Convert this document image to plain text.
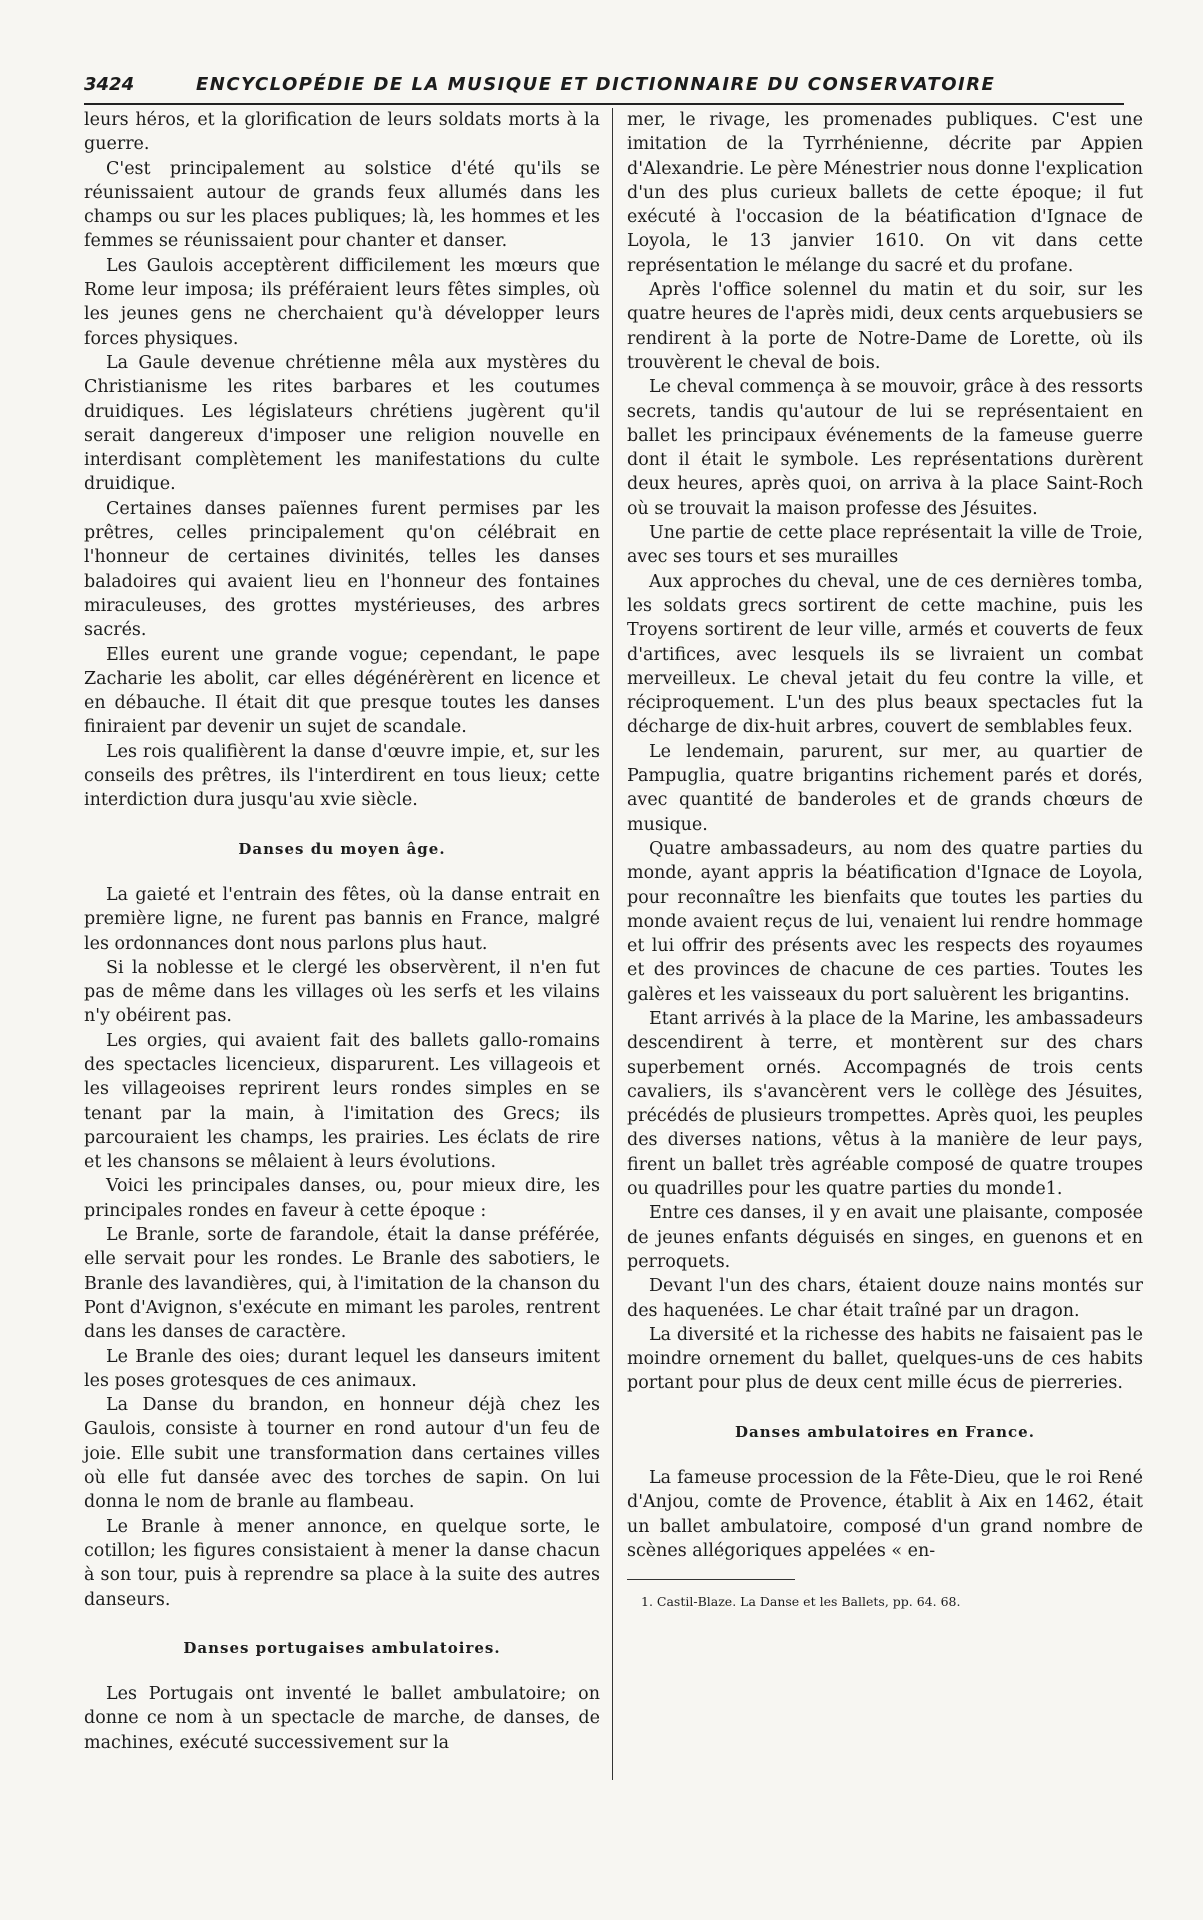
3424	ENCYCLOPÉDIE DE LA MUSIQUE ET DICTIONNAIRE DU CONSERVATOIRE

leurs héros, et la glorification de leurs soldats morts à la guerre.

C'est principalement au solstice d'été qu'ils se réunissaient autour de grands feux allumés dans les champs ou sur les places publiques; là, les hommes et les femmes se réunissaient pour chanter et danser.

Les Gaulois acceptèrent difficilement les mœurs que Rome leur imposa; ils préféraient leurs fêtes simples, où les jeunes gens ne cherchaient qu'à développer leurs forces physiques.

La Gaule devenue chrétienne mêla aux mystères du Christianisme les rites barbares et les coutumes druidiques. Les législateurs chrétiens jugèrent qu'il serait dangereux d'imposer une religion nouvelle en interdisant complètement les manifestations du culte druidique.

Certaines danses païennes furent permises par les prêtres, celles principalement qu'on célébrait en l'honneur de certaines divinités, telles les danses baladoires qui avaient lieu en l'honneur des fontaines miraculeuses, des grottes mystérieuses, des arbres sacrés.

Elles eurent une grande vogue; cependant, le pape Zacharie les abolit, car elles dégénérèrent en licence et en débauche. Il était dit que presque toutes les danses finiraient par devenir un sujet de scandale.

Les rois qualifièrent la danse d'œuvre impie, et, sur les conseils des prêtres, ils l'interdirent en tous lieux; cette interdiction dura jusqu'au xvie siècle.

Danses du moyen âge.

La gaieté et l'entrain des fêtes, où la danse entrait en première ligne, ne furent pas bannis en France, malgré les ordonnances dont nous parlons plus haut.

Si la noblesse et le clergé les observèrent, il n'en fut pas de même dans les villages où les serfs et les vilains n'y obéirent pas.

Les orgies, qui avaient fait des ballets gallo-romains des spectacles licencieux, disparurent. Les villageois et les villageoises reprirent leurs rondes simples en se tenant par la main, à l'imitation des Grecs; ils parcouraient les champs, les prairies. Les éclats de rire et les chansons se mêlaient à leurs évolutions.

Voici les principales danses, ou, pour mieux dire, les principales rondes en faveur à cette époque :

Le Branle, sorte de farandole, était la danse préférée, elle servait pour les rondes. Le Branle des sabotiers, le Branle des lavandières, qui, à l'imitation de la chanson du Pont d'Avignon, s'exécute en mimant les paroles, rentrent dans les danses de caractère.

Le Branle des oies; durant lequel les danseurs imitent les poses grotesques de ces animaux.

La Danse du brandon, en honneur déjà chez les Gaulois, consiste à tourner en rond autour d'un feu de joie. Elle subit une transformation dans certaines villes où elle fut dansée avec des torches de sapin. On lui donna le nom de branle au flambeau.

Le Branle à mener annonce, en quelque sorte, le cotillon; les figures consistaient à mener la danse chacun à son tour, puis à reprendre sa place à la suite des autres danseurs.

Danses portugaises ambulatoires.

Les Portugais ont inventé le ballet ambulatoire; on donne ce nom à un spectacle de marche, de danses, de machines, exécuté successivement sur la

mer, le rivage, les promenades publiques. C'est une imitation de la Tyrrhénienne, décrite par Appien d'Alexandrie. Le père Ménestrier nous donne l'explication d'un des plus curieux ballets de cette époque; il fut exécuté à l'occasion de la béatification d'Ignace de Loyola, le 13 janvier 1610. On vit dans cette représentation le mélange du sacré et du profane.

Après l'office solennel du matin et du soir, sur les quatre heures de l'après midi, deux cents arquebusiers se rendirent à la porte de Notre-Dame de Lorette, où ils trouvèrent le cheval de bois.

Le cheval commença à se mouvoir, grâce à des ressorts secrets, tandis qu'autour de lui se représentaient en ballet les principaux événements de la fameuse guerre dont il était le symbole. Les représentations durèrent deux heures, après quoi, on arriva à la place Saint-Roch où se trouvait la maison professe des Jésuites.

Une partie de cette place représentait la ville de Troie, avec ses tours et ses murailles

Aux approches du cheval, une de ces dernières tomba, les soldats grecs sortirent de cette machine, puis les Troyens sortirent de leur ville, armés et couverts de feux d'artifices, avec lesquels ils se livraient un combat merveilleux. Le cheval jetait du feu contre la ville, et réciproquement. L'un des plus beaux spectacles fut la décharge de dix-huit arbres, couvert de semblables feux.

Le lendemain, parurent, sur mer, au quartier de Pampuglia, quatre brigantins richement parés et dorés, avec quantité de banderoles et de grands chœurs de musique.

Quatre ambassadeurs, au nom des quatre parties du monde, ayant appris la béatification d'Ignace de Loyola, pour reconnaître les bienfaits que toutes les parties du monde avaient reçus de lui, venaient lui rendre hommage et lui offrir des présents avec les respects des royaumes et des provinces de chacune de ces parties. Toutes les galères et les vaisseaux du port saluèrent les brigantins.

Etant arrivés à la place de la Marine, les ambassadeurs descendirent à terre, et montèrent sur des chars superbement ornés. Accompagnés de trois cents cavaliers, ils s'avancèrent vers le collège des Jésuites, précédés de plusieurs trompettes. Après quoi, les peuples des diverses nations, vêtus à la manière de leur pays, firent un ballet très agréable composé de quatre troupes ou quadrilles pour les quatre parties du monde1.

Entre ces danses, il y en avait une plaisante, composée de jeunes enfants déguisés en singes, en guenons et en perroquets.

Devant l'un des chars, étaient douze nains montés sur des haquenées. Le char était traîné par un dragon.

La diversité et la richesse des habits ne faisaient pas le moindre ornement du ballet, quelques-uns de ces habits portant pour plus de deux cent mille écus de pierreries.

Danses ambulatoires en France.

La fameuse procession de la Fête-Dieu, que le roi René d'Anjou, comte de Provence, établit à Aix en 1462, était un ballet ambulatoire, composé d'un grand nombre de scènes allégoriques appelées « en-

1. Castil-Blaze. La Danse et les Ballets, pp. 64. 68.
